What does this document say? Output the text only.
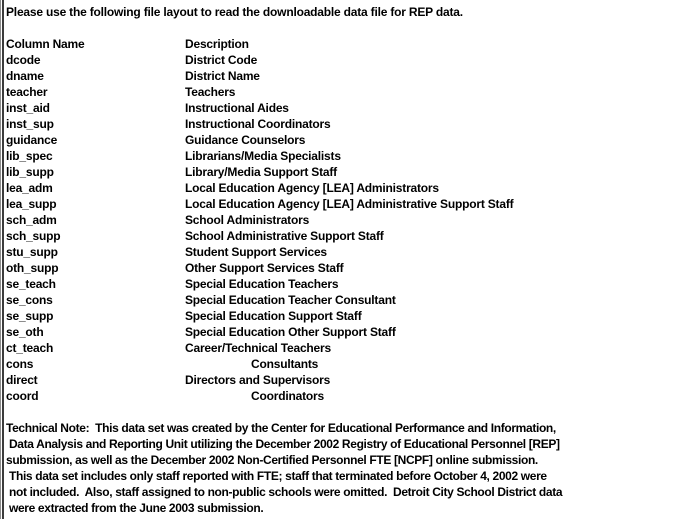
Please use the following file layout to read the downloadable data file for REP data.
Column Name	Description
dcode	District Code
dname	District Name
teacher	Teachers
inst_aid	Instructional Aides
inst_sup	Instructional Coordinators
guidance	Guidance Counselors
lib_spec	Librarians/Media Specialists
lib_supp	Library/Media Support Staff
lea_adm	Local Education Agency [LEA] Administrators
lea_supp	Local Education Agency [LEA] Administrative Support Staff
sch_adm	School Administrators
sch_supp	School Administrative Support Staff
stu_supp	Student Support Services
oth_supp	Other Support Services Staff
se_teach	Special Education Teachers
se_cons	Special Education Teacher Consultant
se_supp	Special Education Support Staff
se_oth	Special Education Other Support Staff
ct_teach	Career/Technical Teachers
cons	Consultants
direct	Directors and Supervisors
coord	Coordinators
Technical Note:  This data set was created by the Center for Educational Performance and Information,
Data Analysis and Reporting Unit utilizing the December 2002 Registry of Educational Personnel [REP]
submission, as well as the December 2002 Non-Certified Personnel FTE [NCPF] online submission.
This data set includes only staff reported with FTE; staff that terminated before October 4, 2002 were
not included.  Also, staff assigned to non-public schools were omitted.  Detroit City School District data
were extracted from the June 2003 submission.
